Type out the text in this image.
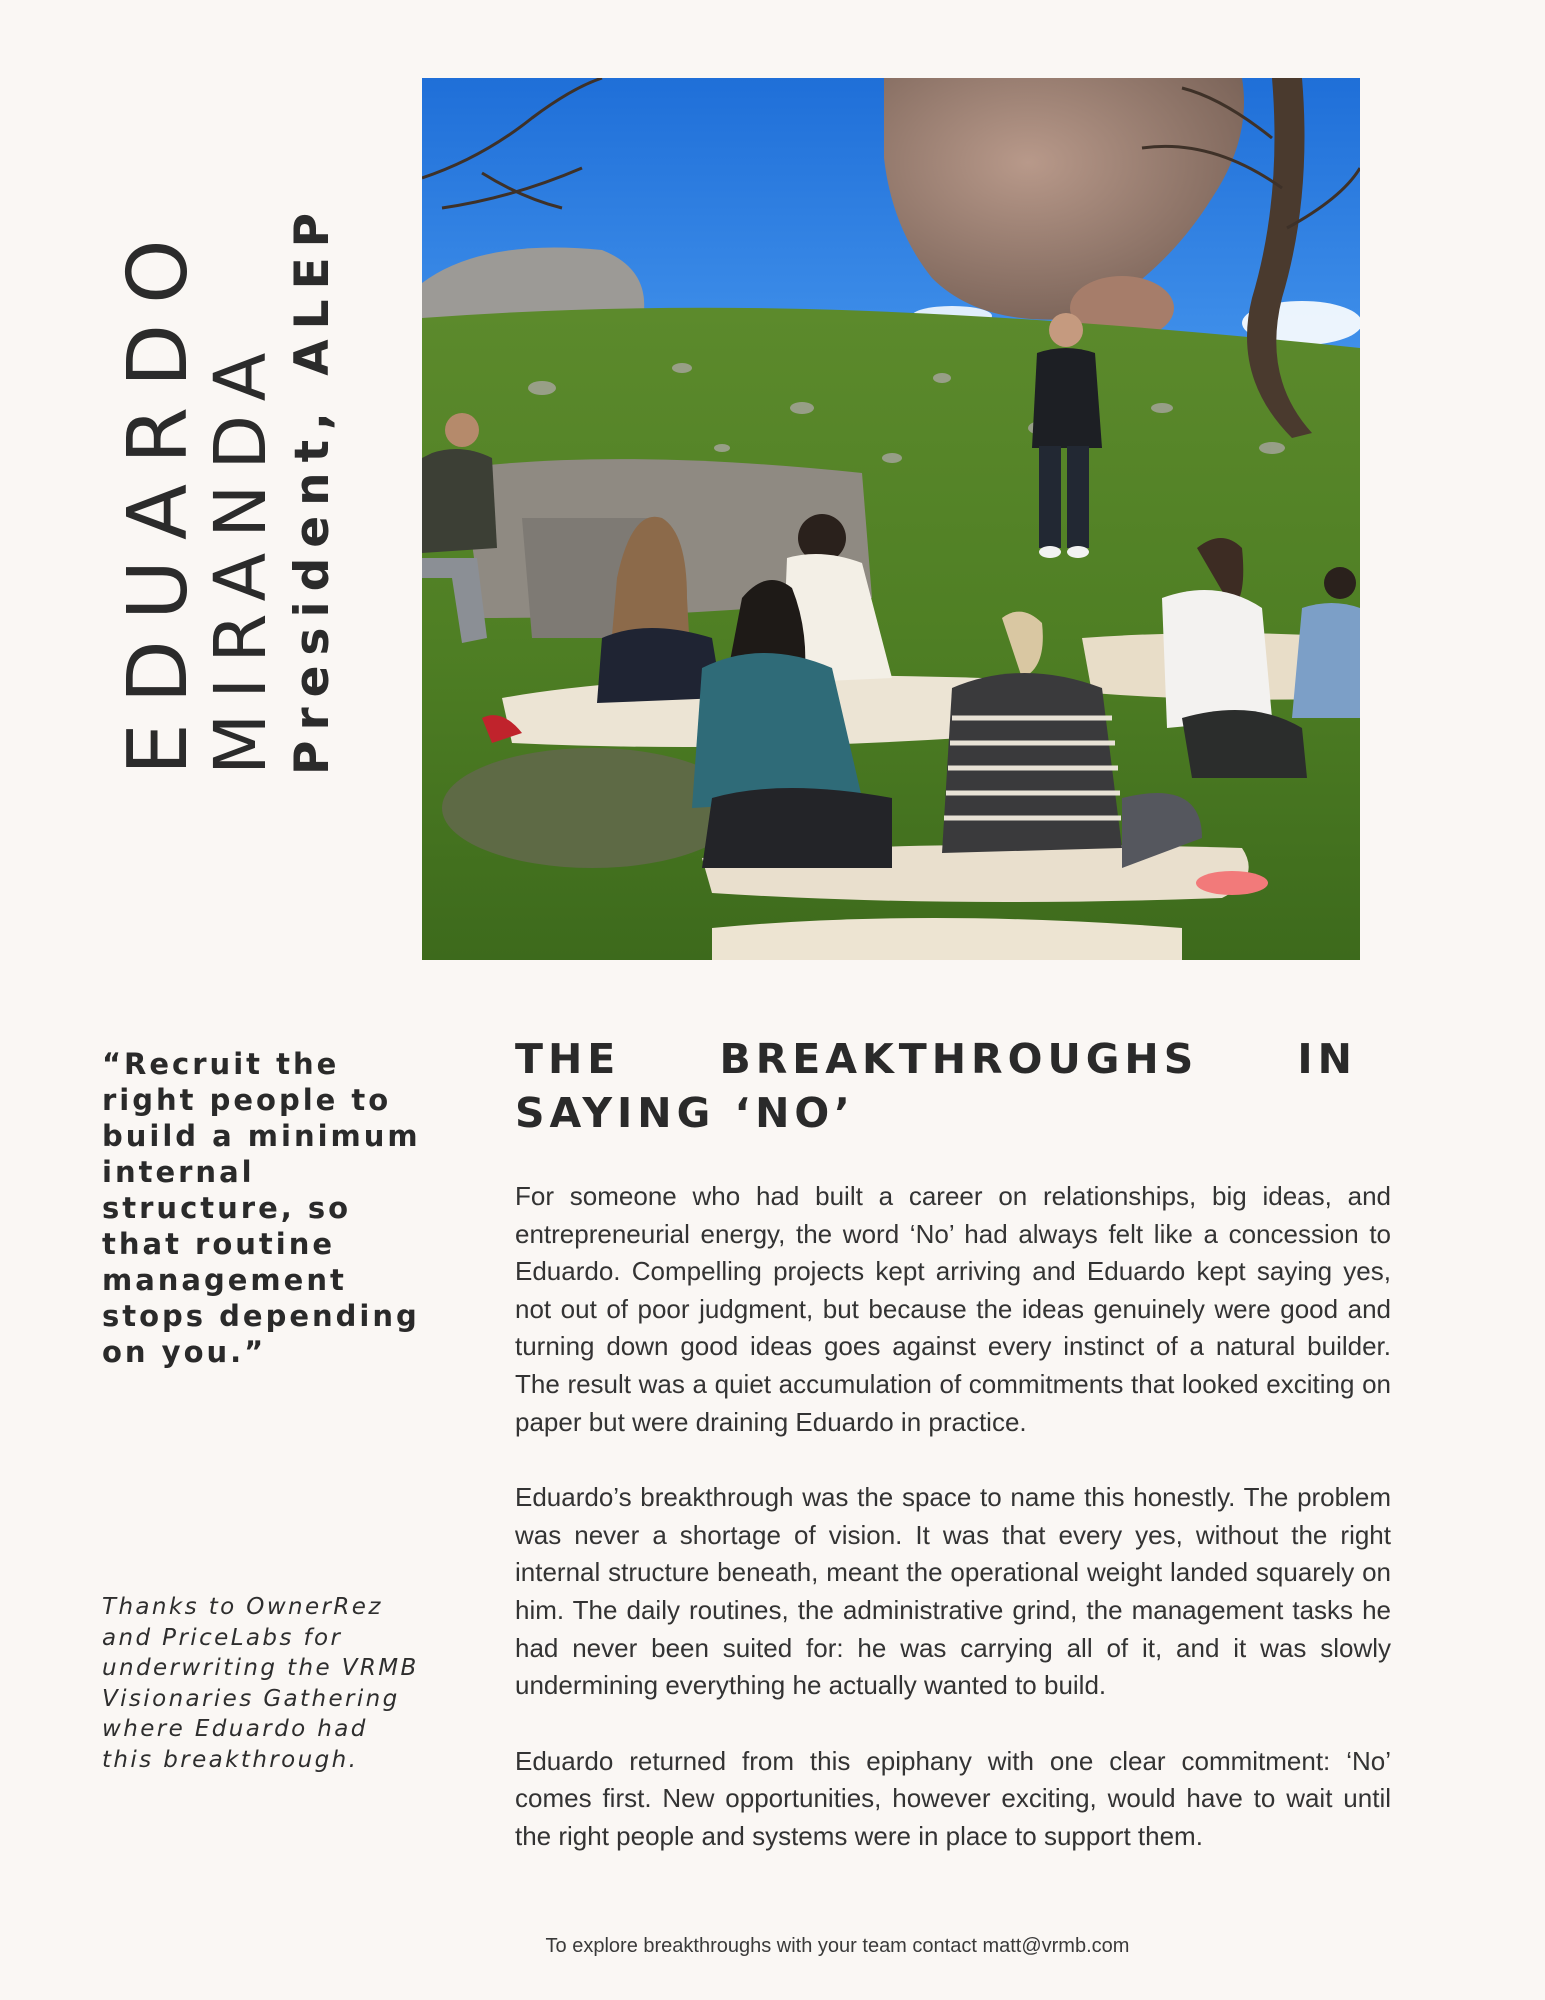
EDUARDO
MIRANDA President, ALEP

“Recruit the right people to build a minimum internal structure, so that routine management stops depending on you.”

Thanks to OwnerRez and PriceLabs for underwriting the VRMB Visionaries Gathering where Eduardo had this breakthrough.

THE BREAKTHROUGHS IN SAYING ‘NO’

For someone who had built a career on relationships, big ideas, and entrepreneurial energy, the word ‘No’ had always felt like a concession to Eduardo. Compelling projects kept arriving and Eduardo kept saying yes, not out of poor judgment, but because the ideas genuinely were good and turning down good ideas goes against every instinct of a natural builder. The result was a quiet accumulation of commitments that looked exciting on paper but were draining Eduardo in practice.

Eduardo’s breakthrough was the space to name this honestly. The problem was never a shortage of vision. It was that every yes, without the right internal structure beneath, meant the operational weight landed squarely on him. The daily routines, the administrative grind, the management tasks he had never been suited for: he was carrying all of it, and it was slowly undermining everything he actually wanted to build.

Eduardo returned from this epiphany with one clear commitment: ‘No’ comes first. New opportunities, however exciting, would have to wait until the right people and systems were in place to support them.

To explore breakthroughs with your team contact matt@vrmb.com
